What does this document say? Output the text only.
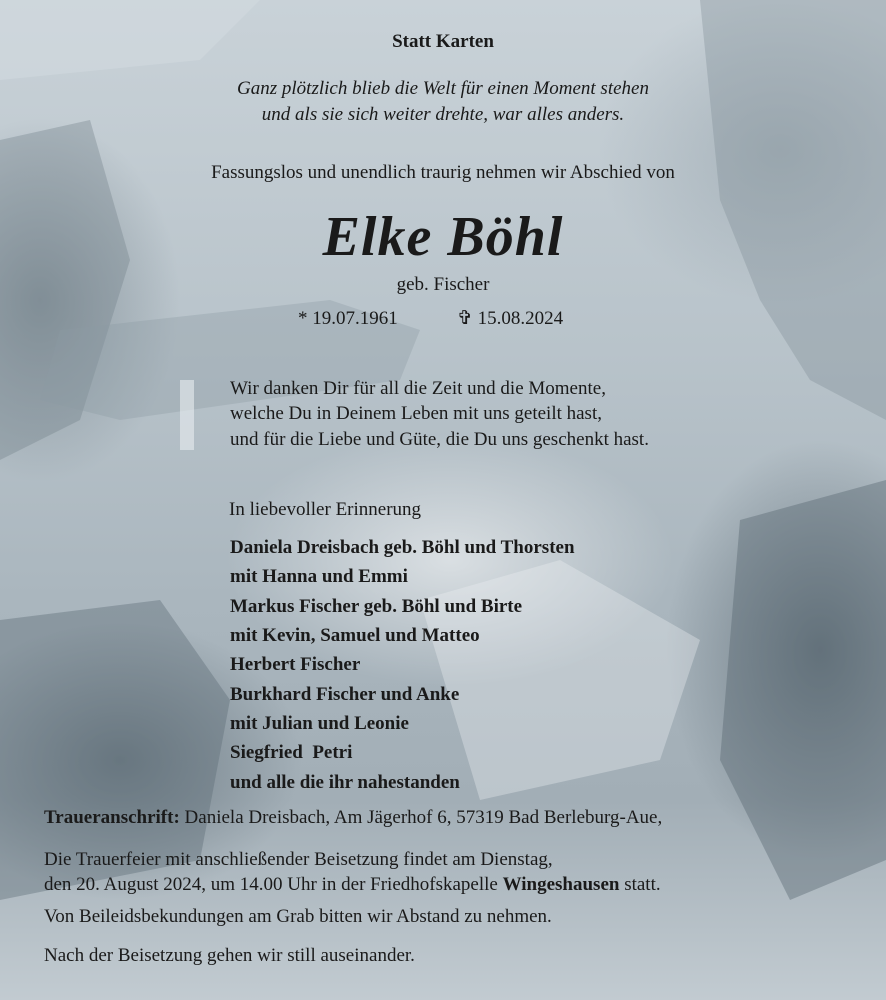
Statt Karten
Ganz plötzlich blieb die Welt für einen Moment stehen
und als sie sich weiter drehte, war alles anders.
Fassungslos und unendlich traurig nehmen wir Abschied von
Elke Böhl
geb. Fischer
* 19.07.1961	✞ 15.08.2024
Wir danken Dir für all die Zeit und die Momente,
welche Du in Deinem Leben mit uns geteilt hast,
und für die Liebe und Güte, die Du uns geschenkt hast.
In liebevoller Erinnerung
Daniela Dreisbach geb. Böhl und Thorsten
mit Hanna und Emmi
Markus Fischer geb. Böhl und Birte
mit Kevin, Samuel und Matteo
Herbert Fischer
Burkhard Fischer und Anke
mit Julian und Leonie
Siegfried  Petri
und alle die ihr nahestanden
Traueranschrift: Daniela Dreisbach, Am Jägerhof 6, 57319 Bad Berleburg-Aue,
Die Trauerfeier mit anschließender Beisetzung findet am Dienstag,
den 20. August 2024, um 14.00 Uhr in der Friedhofskapelle Wingeshausen statt.
Von Beileidsbekundungen am Grab bitten wir Abstand zu nehmen.
Nach der Beisetzung gehen wir still auseinander.
